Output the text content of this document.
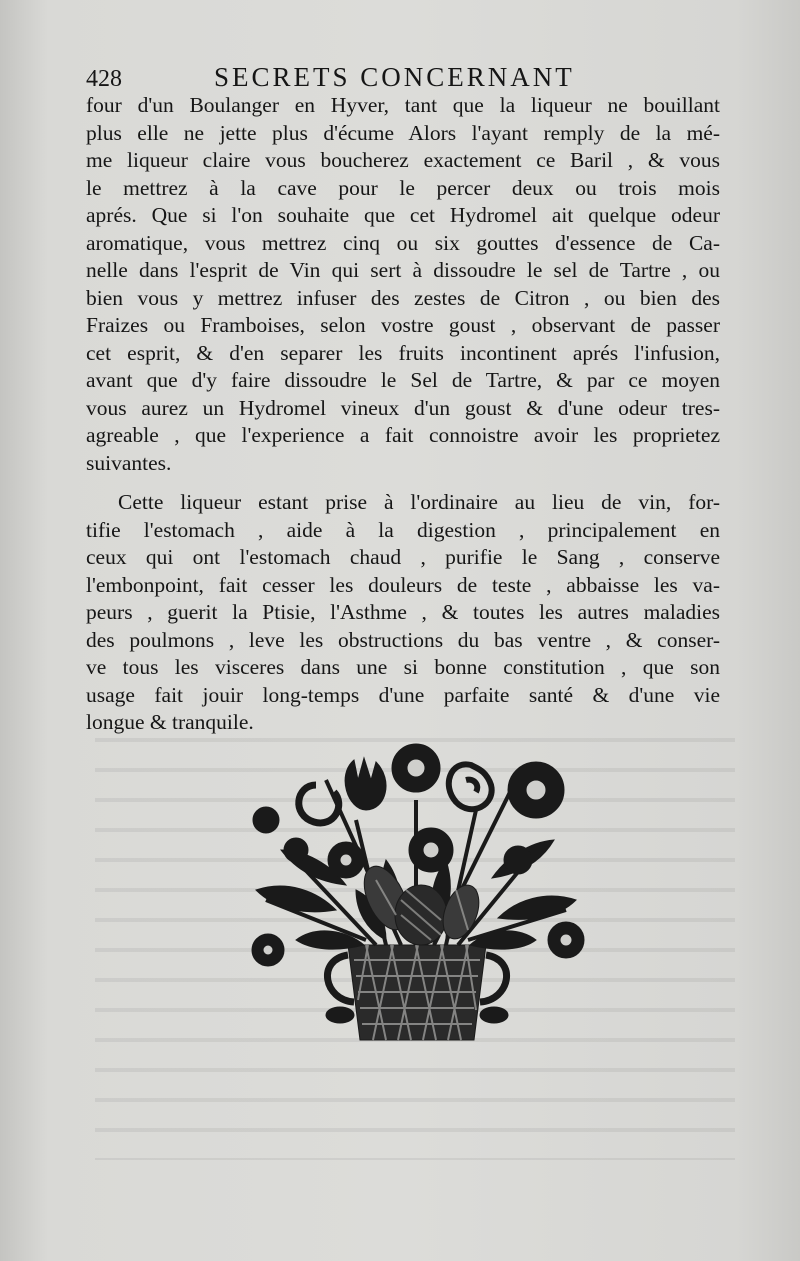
428	SECRETS CONCERNANT

four d'un Boulanger en Hyver, tant que la liqueur ne bouillant
plus elle ne jette plus d'écume Alors l'ayant remply de la mé-
me liqueur claire vous boucherez exactement ce Baril , & vous
le mettrez à la cave pour le percer deux ou trois mois
aprés. Que si l'on souhaite que cet Hydromel ait quelque odeur
aromatique, vous mettrez cinq ou six gouttes d'essence de Ca-
nelle dans l'esprit de Vin qui sert à dissoudre le sel de Tartre , ou
bien vous y mettrez infuser des zestes de Citron , ou bien des
Fraizes ou Framboises, selon vostre goust , observant de passer
cet esprit, & d'en separer les fruits incontinent aprés l'infusion,
avant que d'y faire dissoudre le Sel de Tartre, & par ce moyen
vous aurez un Hydromel vineux d'un goust & d'une odeur tres-
agreable , que l'experience a fait connoistre avoir les proprietez
suivantes.

Cette liqueur estant prise à l'ordinaire au lieu de vin, for-
tifie l'estomach , aide à la digestion , principalement en
ceux qui ont l'estomach chaud , purifie le Sang , conserve
l'embonpoint, fait cesser les douleurs de teste , abbaisse les va-
peurs , guerit la Ptisie, l'Asthme , & toutes les autres maladies
des poulmons , leve les obstructions du bas ventre , & conser-
ve tous les visceres dans une si bonne constitution , que son
usage fait jouir long-temps d'une parfaite santé & d'une vie
longue & tranquile.
